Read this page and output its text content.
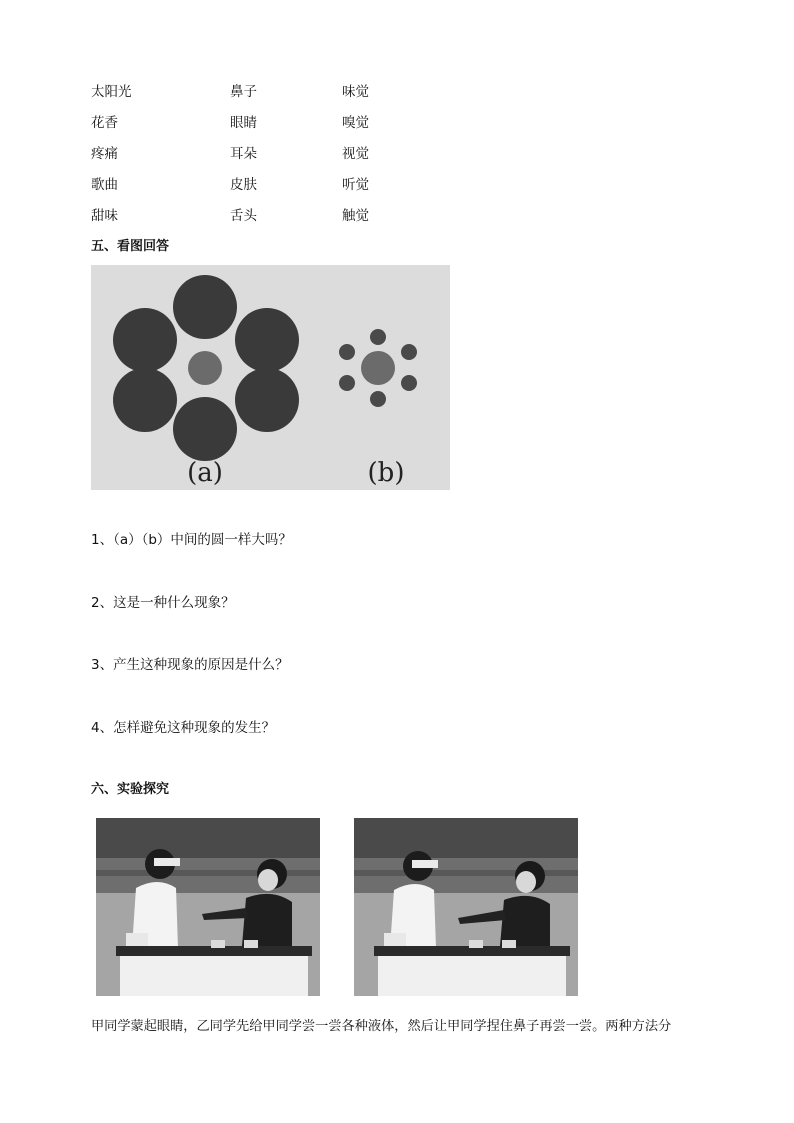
太阳光
花香
疼痛
歌曲
甜味
鼻子
眼睛
耳朵
皮肤
舌头
味觉
嗅觉
视觉
听觉
触觉
五、看图回答
(a)	(b)
1、（a）（b）中间的圆一样大吗？
2、这是一种什么现象？
3、产生这种现象的原因是什么？
4、怎样避免这种现象的发生？
六、实验探究
甲同学蒙起眼睛，乙同学先给甲同学尝一尝各种液体，然后让甲同学捏住鼻子再尝一尝。两种方法分
